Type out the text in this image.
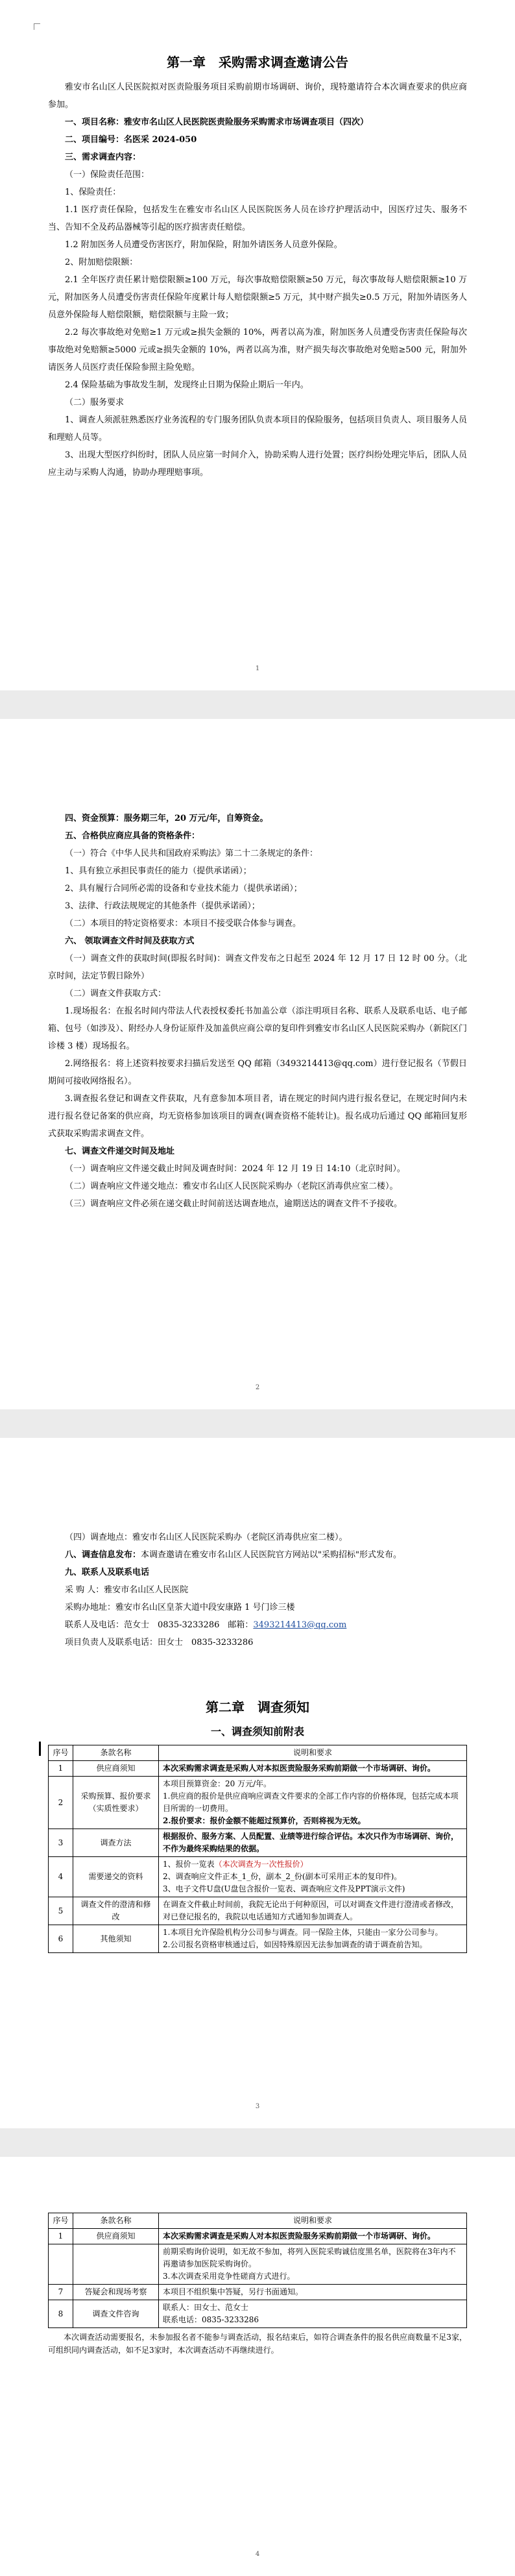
第一章 采购需求调查邀请公告

雅安市名山区人民医院拟对医责险服务项目采购前期市场调研、询价，现特邀请符合本次调查要求的供应商参加。

一、项目名称：雅安市名山区人民医院医责险服务采购需求市场调查项目（四次）

二、项目编号：名医采 2024-050

三、需求调查内容：

（一）保险责任范围：

1、保险责任：

1.1 医疗责任保险，包括发生在雅安市名山区人民医院医务人员在诊疗护理活动中，因医疗过失、服务不当、告知不全及药品器械等引起的医疗损害责任赔偿。

1.2 附加医务人员遭受伤害医疗，附加保险，附加外请医务人员意外保险。

2、附加赔偿限额：

2.1 全年医疗责任累计赔偿限额≥100 万元，每次事故赔偿限额≥50 万元，每次事故每人赔偿限额≥10 万元，附加医务人员遭受伤害责任保险年度累计每人赔偿限额≥5 万元，其中财产损失≥0.5 万元，附加外请医务人员意外保险每人赔偿限额，赔偿限额与主险一致；

2.2 每次事故绝对免赔≥1 万元或≥损失金额的 10%，两者以高为准，附加医务人员遭受伤害责任保险每次事故绝对免赔额≥5000 元或≥损失金额的 10%，两者以高为准，财产损失每次事故绝对免赔≥500 元，附加外请医务人员医疗责任保险参照主险免赔。

2.4 保险基础为事故发生制，发现终止日期为保险止期后一年内。

（二）服务要求

1、调查人须派驻熟悉医疗业务流程的专门服务团队负责本项目的保险服务，包括项目负责人、项目服务人员和理赔人员等。

3、出现大型医疗纠纷时，团队人员应第一时间介入，协助采购人进行处置；医疗纠纷处理完毕后，团队人员应主动与采购人沟通，协助办理理赔事项。

1

四、资金预算：服务期三年，20 万元/年，自筹资金。

五、合格供应商应具备的资格条件：

（一）符合《中华人民共和国政府采购法》第二十二条规定的条件：

1、具有独立承担民事责任的能力（提供承诺函）；

2、具有履行合同所必需的设备和专业技术能力（提供承诺函）；

3、法律、行政法规规定的其他条件（提供承诺函）；

（二）本项目的特定资格要求：本项目不接受联合体参与调查。

六、 领取调查文件时间及获取方式

（一）调查文件的获取时间(即报名时间)：调查文件发布之日起至 2024 年 12 月 17 日 12 时 00 分。（北京时间，法定节假日除外）

（二）调查文件获取方式：

1.现场报名：在报名时间内带法人代表授权委托书加盖公章（添注明项目名称、联系人及联系电话、电子邮箱、包号（如涉及）、附经办人身份证原件及加盖供应商公章的复印件到雅安市名山区人民医院采购办（新院区门诊楼 3 楼）现场报名。

2.网络报名：将上述资料按要求扫描后发送至 QQ 邮箱（3493214413@qq.com）进行登记报名（节假日期间可接收网络报名）。

3.调查报名登记和调查文件获取，凡有意参加本项目者，请在规定的时间内进行报名登记，在规定时间内未进行报名登记备案的供应商，均无资格参加该项目的调查(调查资格不能转让)。报名成功后通过 QQ 邮箱回复形式获取采购需求调查文件。

七、调查文件递交时间及地址

（一）调查响应文件递交截止时间及调查时间：2024 年 12 月 19 日 14:10（北京时间）。

（二）调查响应文件递交地点：雅安市名山区人民医院采购办（老院区消毒供应室二楼）。

（三）调查响应文件必须在递交截止时间前送达调查地点，逾期送达的调查文件不予接收。

2

（四）调查地点：雅安市名山区人民医院采购办（老院区消毒供应室二楼）。

八、调查信息发布：本调查邀请在雅安市名山区人民医院官方网站以"采购招标"形式发布。

九、联系人及联系电话

采 购 人：雅安市名山区人民医院

采购办地址：雅安市名山区皇茶大道中段安康路 1 号门诊三楼

联系人及电话：范女士　0835-3233286　邮箱：3493214413@qq.com

项目负责人及联系电话：田女士　0835-3233286

第二章　调查须知
一、调查须知前附表
序号	条款名称	说明和要求
1	供应商须知	本次采购需求调查是采购人对本拟医责险服务采购前期做一个市场调研、询价。

2	采购预算、报价要求（实质性要求）	本项目预算资金：20 万元/年。
1.供应商的报价是供应商响应调查文件要求的全部工作内容的价格体现，包括完成本项目所需的一切费用。
2.报价要求：报价金额不能超过预算价，否则将视为无效。

3	调查方法	根据报价、服务方案、人员配置、业绩等进行综合评估。本次只作为市场调研、询价，不作为最终采购结果的依据。

4	需要递交的资料	1、报价一览表（本次调查为一次性报价）
2、调查响应文件正本_1_份，副本_2_份(副本可采用正本的复印件)。
3、电子文件U盘(U盘包含报价一览表、调查响应文件及PPT演示文件)

5	调查文件的澄清和修改	在调查文件截止时间前，我院无论出于何种原因，可以对调查文件进行澄清或者修改，对已登记报名的，我院以电话通知方式通知参加调查人。

6	其他须知	1.本项目允许保险机构分公司参与调查。同一保险主体，只能由一家分公司参与。
2.公司报名资格审核通过后，如因特殊原因无法参加调查的请于调查前告知。
3
序号	条款名称	说明和要求
1	供应商须知	本次采购需求调查是采购人对本拟医责险服务采购前期做一个市场调研、询价。

		前期采购询价说明，如无故不参加，将列入医院采购诚信度黑名单，医院将在3年内不再邀请参加医院采购询价。
3.本次调查采用竞争性磋商方式进行。

7	答疑会和现场考察	本项目不组织集中答疑，另行书面通知。

8	调查文件咨询	联系人：田女士、范女士
联系电话：0835-3233286

本次调查活动需要报名，未参加报名者不能参与调查活动，报名结束后，如符合调查条件的报名供应商数量不足3家，可组织同内调查活动，如不足3家时，本次调查活动不再继续进行。

4
